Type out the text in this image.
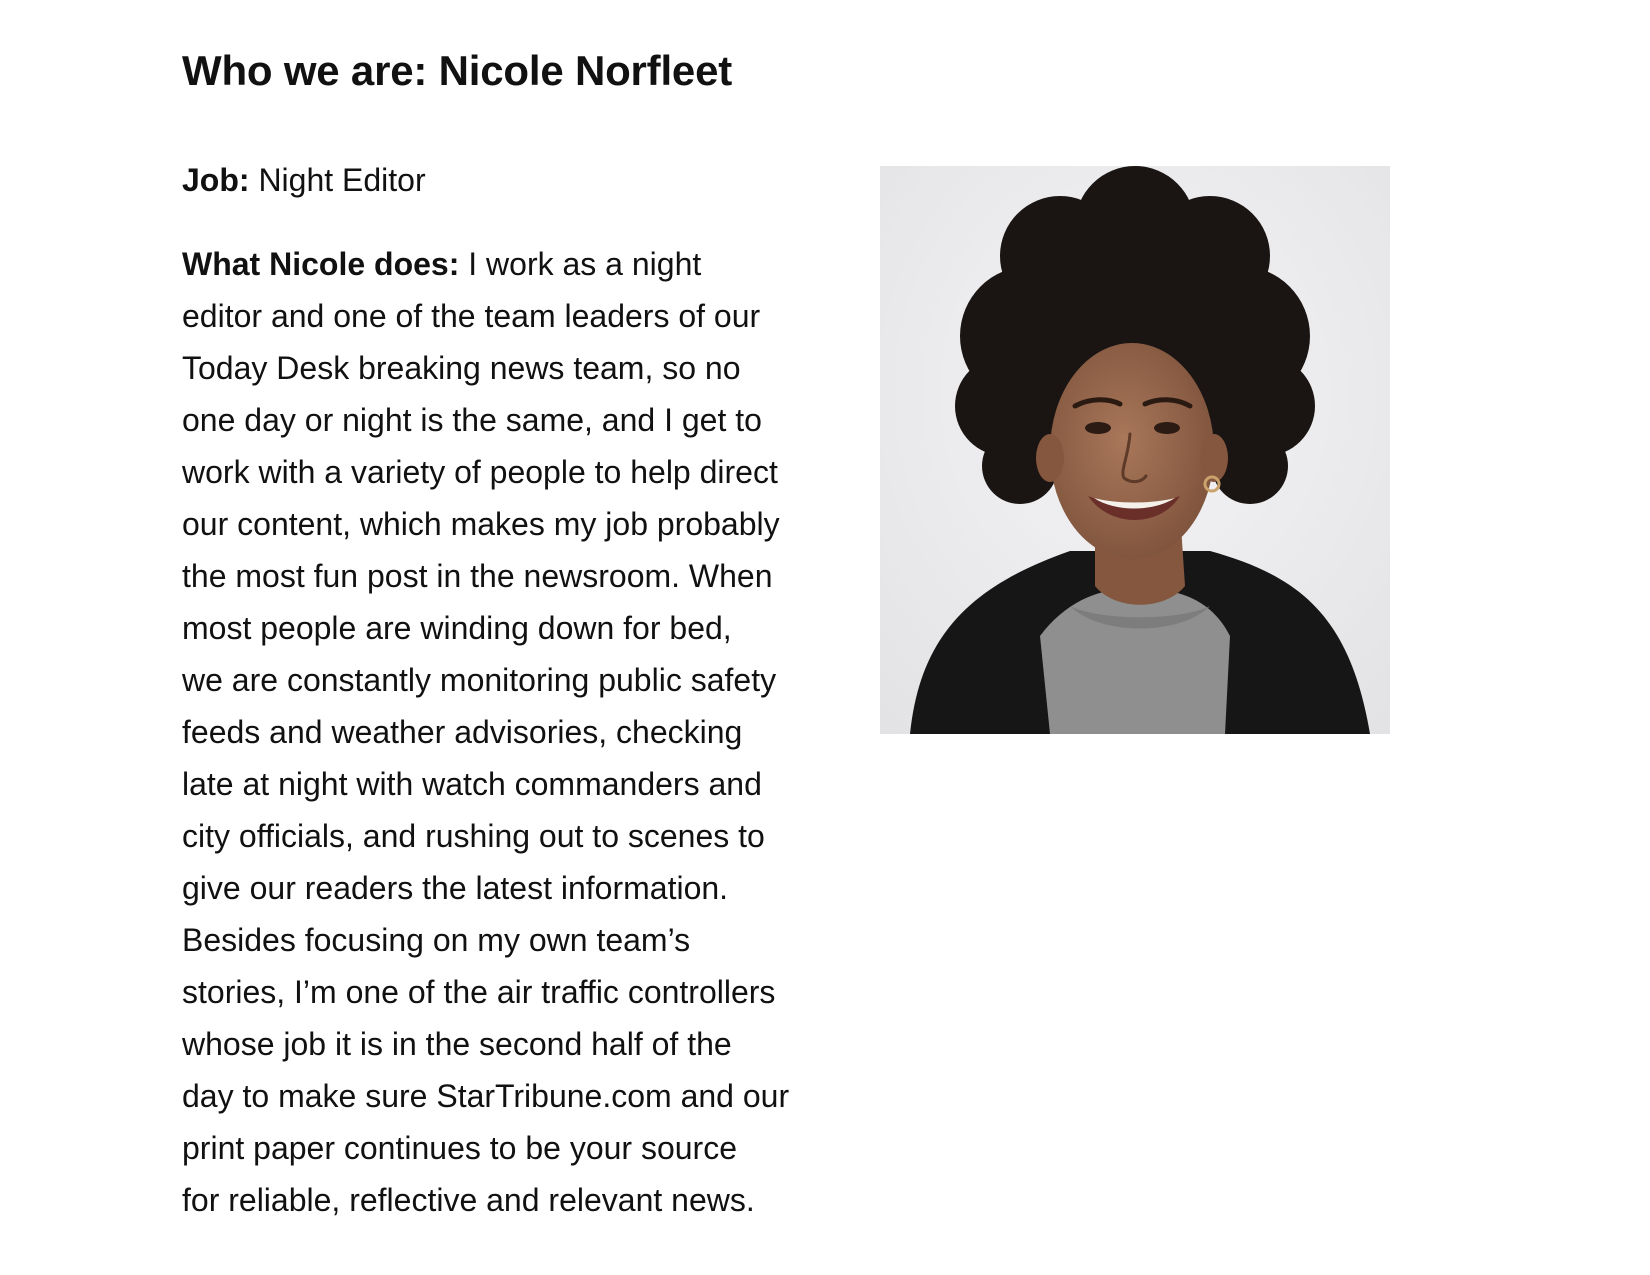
Who we are: Nicole Norfleet

Job: Night Editor

What Nicole does: I work as a night
editor and one of the team leaders of our
Today Desk breaking news team, so no
one day or night is the same, and I get to
work with a variety of people to help direct
our content, which makes my job probably
the most fun post in the newsroom. When
most people are winding down for bed,
we are constantly monitoring public safety
feeds and weather advisories, checking
late at night with watch commanders and
city officials, and rushing out to scenes to
give our readers the latest information.
Besides focusing on my own team’s
stories, I’m one of the air traffic controllers
whose job it is in the second half of the
day to make sure StarTribune.com and our
print paper continues to be your source
for reliable, reflective and relevant news.
